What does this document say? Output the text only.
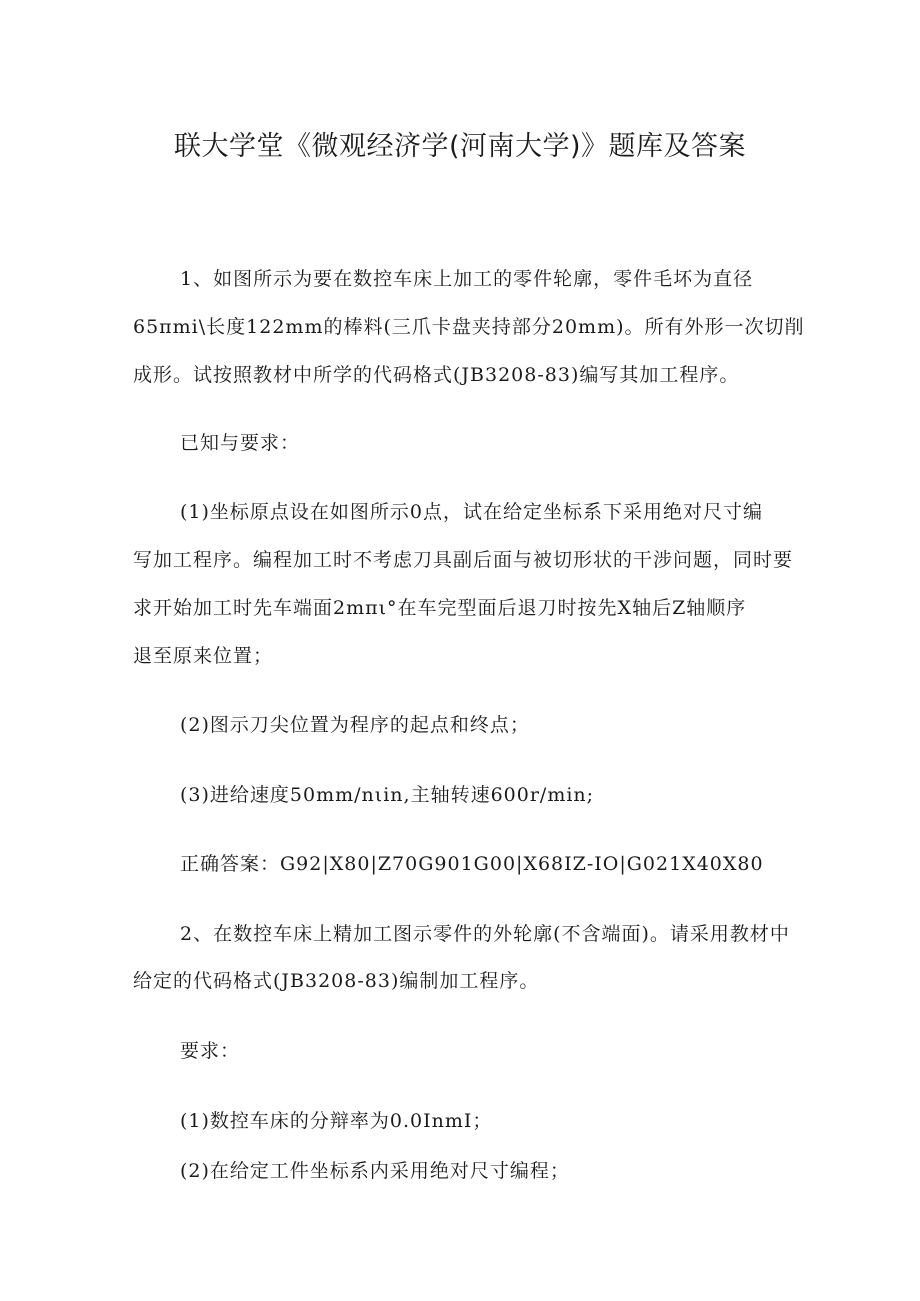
联大学堂《微观经济学(河南大学)》题库及答案
1、如图所示为要在数控车床上加工的零件轮廓，零件毛坏为直径
65πmi\长度122mm的棒料(三爪卡盘夹持部分20mm)。所有外形一次切削
成形。试按照教材中所学的代码格式(JB3208-83)编写其加工程序。
已知与要求：
(1)坐标原点设在如图所示0点，试在给定坐标系下采用绝对尺寸编
写加工程序。编程加工时不考虑刀具副后面与被切形状的干涉问题，同时要
求开始加工时先车端面2mπι°在车完型面后退刀时按先X轴后Z轴顺序
退至原来位置；
(2)图示刀尖位置为程序的起点和终点；
(3)进给速度50mm/nιin,主轴转速600r/min;
正确答案：G92|X80|Z70G901G00|X68IZ-IO|G021X40X80
2、在数控车床上精加工图示零件的外轮廓(不含端面)。请采用教材中
给定的代码格式(JB3208-83)编制加工程序。
要求：
(1)数控车床的分辩率为0.0InmI；
(2)在给定工件坐标系内采用绝对尺寸编程；
